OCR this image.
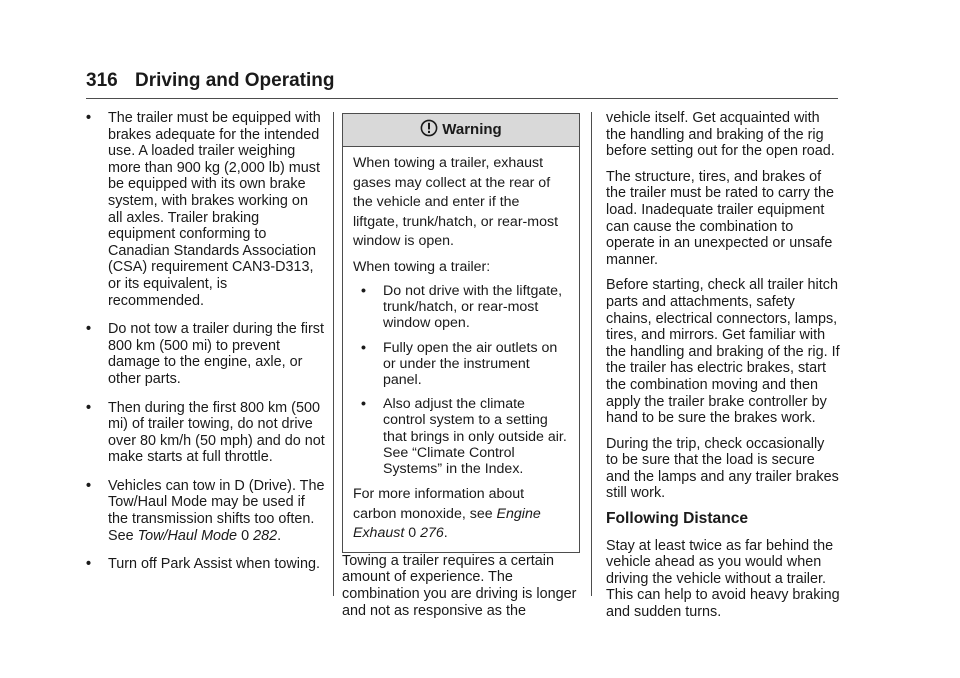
316 Driving and Operating
•	The trailer must be equipped with brakes adequate for the intended use. A loaded trailer weighing more than 900 kg (2,000 lb) must be equipped with its own brake system, with brakes working on all axles. Trailer braking equipment conforming to Canadian Standards Association (CSA) requirement CAN3-D313, or its equivalent, is recommended.
•	Do not tow a trailer during the first 800 km (500 mi) to prevent damage to the engine, axle, or other parts.
•	Then during the first 800 km (500 mi) of trailer towing, do not drive over 80 km/h (50 mph) and do not make starts at full throttle.
•	Vehicles can tow in D (Drive). The Tow/Haul Mode may be used if the transmission shifts too often. See Tow/Haul Mode 0 282.
•	Turn off Park Assist when towing.
Warning

When towing a trailer, exhaust gases may collect at the rear of the vehicle and enter if the liftgate, trunk/hatch, or rear-most window is open.

When towing a trailer:

•	Do not drive with the liftgate, trunk/hatch, or rear-most window open.
•	Fully open the air outlets on or under the instrument panel.
•	Also adjust the climate control system to a setting that brings in only outside air. See “Climate Control Systems” in the Index.

For more information about carbon monoxide, see Engine Exhaust 0 276.

Towing a trailer requires a certain amount of experience. The combination you are driving is longer and not as responsive as the

vehicle itself. Get acquainted with the handling and braking of the rig before setting out for the open road.

The structure, tires, and brakes of the trailer must be rated to carry the load. Inadequate trailer equipment can cause the combination to operate in an unexpected or unsafe manner.

Before starting, check all trailer hitch parts and attachments, safety chains, electrical connectors, lamps, tires, and mirrors. Get familiar with the handling and braking of the rig. If the trailer has electric brakes, start the combination moving and then apply the trailer brake controller by hand to be sure the brakes work.

During the trip, check occasionally to be sure that the load is secure and the lamps and any trailer brakes still work.

Following Distance

Stay at least twice as far behind the vehicle ahead as you would when driving the vehicle without a trailer. This can help to avoid heavy braking and sudden turns.
